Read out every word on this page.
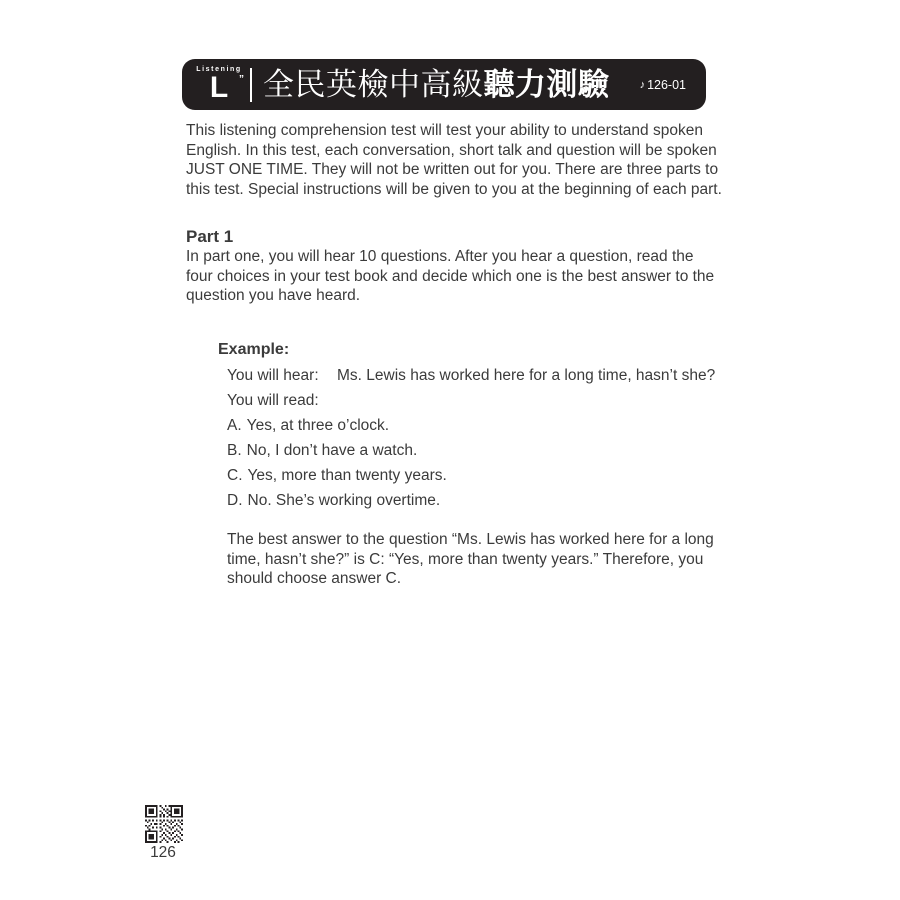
Listening
L ” 全民英檢中高級聽力測驗	♪ 126-01
This listening comprehension test will test your ability to understand spoken
English. In this test, each conversation, short talk and question will be spoken
JUST ONE TIME. They will not be written out for you. There are three parts to
this test. Special instructions will be given to you at the beginning of each part.
Part 1
In part one, you will hear 10 questions. After you hear a question, read the
four choices in your test book and decide which one is the best answer to the
question you have heard.
Example:
You will hear: Ms. Lewis has worked here for a long time, hasn’t she?
You will read:
A. Yes, at three o’clock.
B. No, I don’t have a watch.
C. Yes, more than twenty years.
D. No. She’s working overtime.
The best answer to the question “Ms. Lewis has worked here for a long
time, hasn’t she?” is C: “Yes, more than twenty years.” Therefore, you
should choose answer C.
126
